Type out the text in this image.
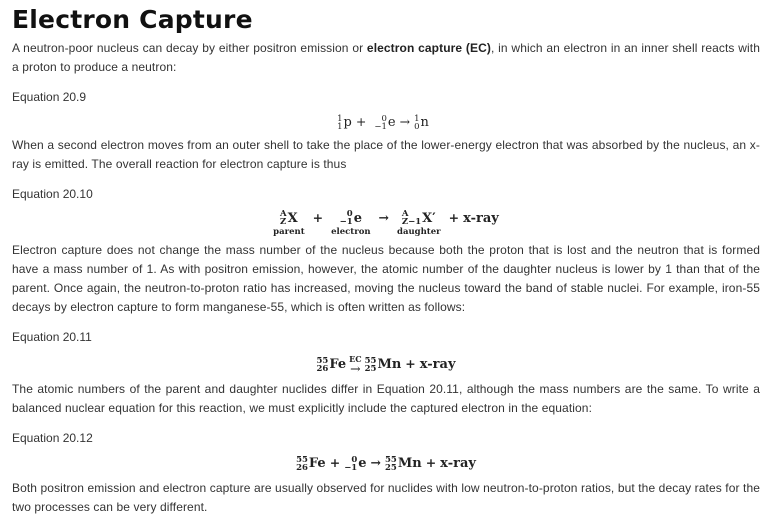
Electron Capture

A neutron-poor nucleus can decay by either positron emission or electron capture (EC), in which an electron in an inner shell reacts with a proton to produce a neutron:

Equation 20.9
1
1 p + 0
−1 e → 1
0 n

When a second electron moves from an outer shell to take the place of the lower-energy electron that was absorbed by the nucleus, an x-ray is emitted. The overall reaction for electron capture is thus

Equation 20.10
A
Z X
parent
+	0
−1 e
electron
→ A
Z−1 X′
daughter
+ x-ray

Electron capture does not change the mass number of the nucleus because both the proton that is lost and the neutron that is formed have a mass number of 1. As with positron emission, however, the atomic number of the daughter nucleus is lower by 1 than that of the parent. Once again, the neutron-to-proton ratio has increased, moving the nucleus toward the band of stable nuclei. For example, iron-55 decays by electron capture to form manganese-55, which is often written as follows:

Equation 20.11
55
26 Fe EC
→
55
25 Mn + x-ray

The atomic numbers of the parent and daughter nuclides differ in Equation 20.11, although the mass numbers are the same. To write a balanced nuclear equation for this reaction, we must explicitly include the captured electron in the equation:

Equation 20.12
55
26 Fe + 0
−1 e → 55
25 Mn + x-ray

Both positron emission and electron capture are usually observed for nuclides with low neutron-to-proton ratios, but the decay rates for the two processes can be very different.
